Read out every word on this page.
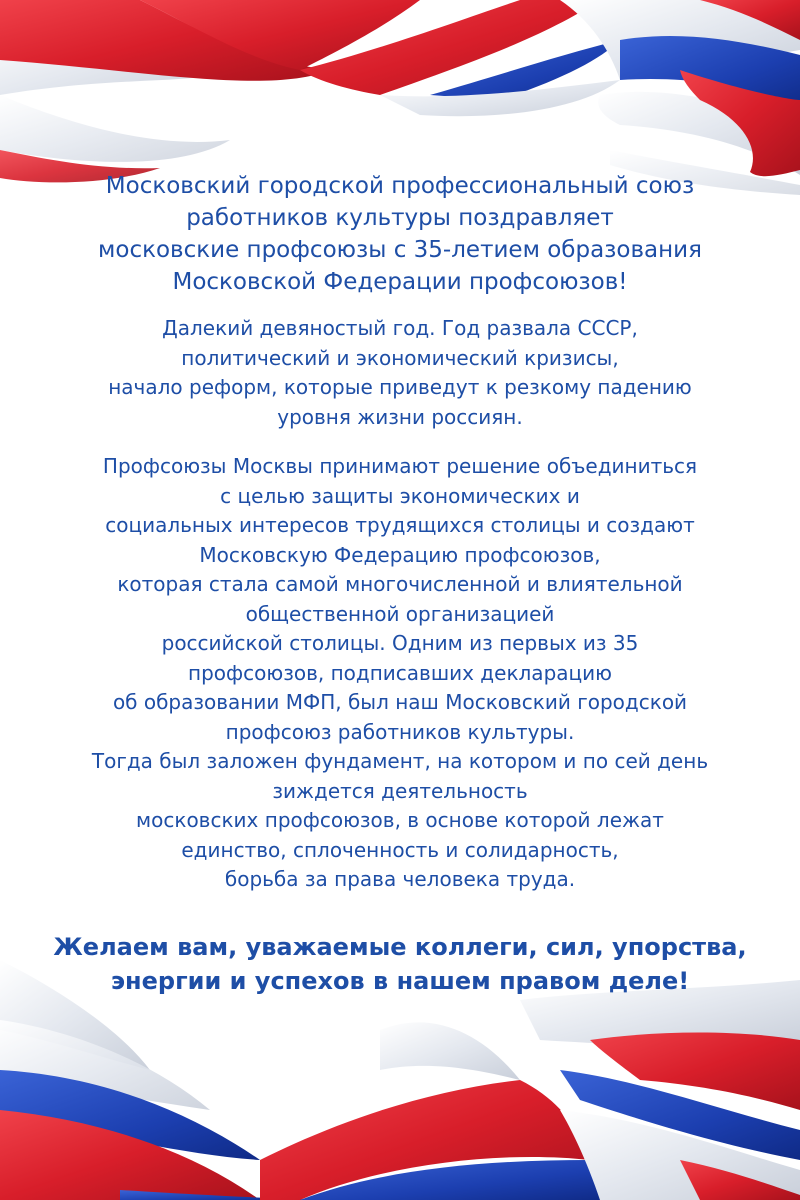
Московский городской профессиональный союз
работников культуры поздравляет
московские профсоюзы с 35-летием образования
Московской Федерации профсоюзов!

Далекий девяностый год. Год развала СССР,
политический и экономический кризисы,
начало реформ, которые приведут к резкому падению
уровня жизни россиян.

Профсоюзы Москвы принимают решение объединиться
с целью защиты экономических и
социальных интересов трудящихся столицы и создают
Московскую Федерацию профсоюзов,
которая стала самой многочисленной и влиятельной
общественной организацией
российской столицы. Одним из первых из 35
профсоюзов, подписавших декларацию
об образовании МФП, был наш Московский городской
профсоюз работников культуры.
Тогда был заложен фундамент, на котором и по сей день
зиждется деятельность
московских профсоюзов, в основе которой лежат
единство, сплоченность и солидарность,
борьба за права человека труда.

Желаем вам, уважаемые коллеги, сил, упорства,
энергии и успехов в нашем правом деле!
